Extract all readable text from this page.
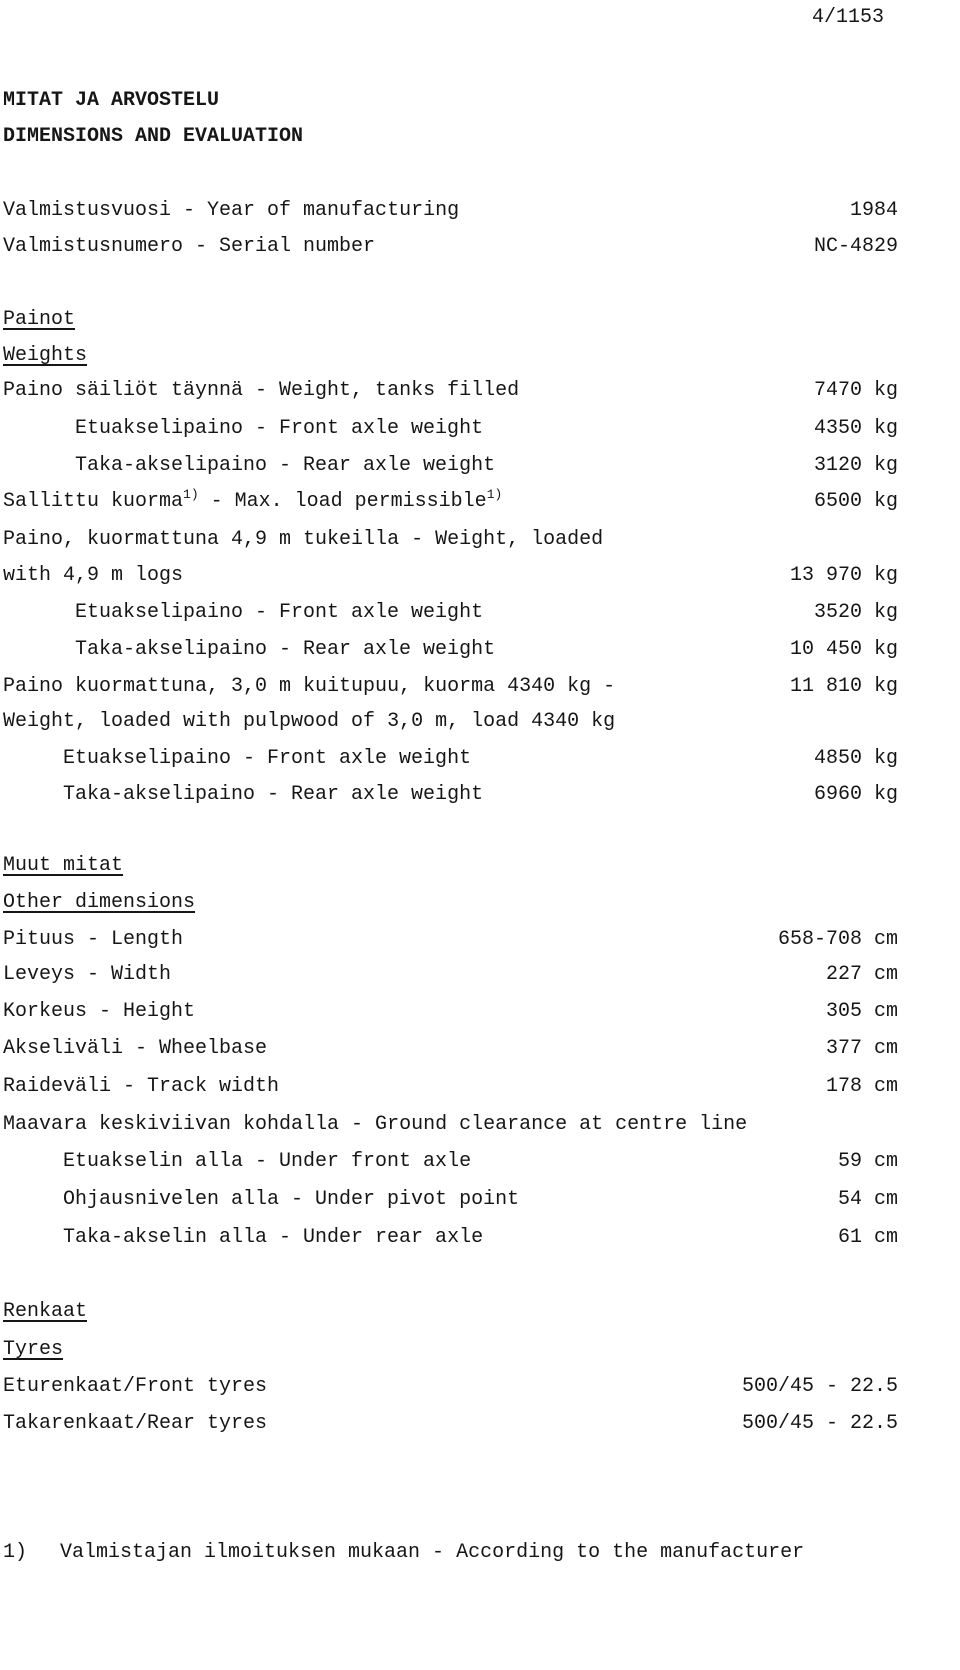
4/1153
MITAT JA ARVOSTELU
DIMENSIONS AND EVALUATION
Valmistusvuosi - Year of manufacturing	1984
Valmistusnumero - Serial number	NC-4829
Painot
Weights
Paino säiliöt täynnä - Weight, tanks filled	7470 kg
Etuakselipaino - Front axle weight	4350 kg
Taka-akselipaino - Rear axle weight	3120 kg
Sallittu kuorma$^{1)}$ - Max. load permissible$^{1)}$	6500 kg
Paino, kuormattuna 4,9 m tukeilla - Weight, loaded
with 4,9 m logs	13 970 kg
Etuakselipaino - Front axle weight	3520 kg
Taka-akselipaino - Rear axle weight	10 450 kg
Paino kuormattuna, 3,0 m kuitupuu, kuorma 4340 kg -	11 810 kg
Weight, loaded with pulpwood of 3,0 m, load 4340 kg
Etuakselipaino - Front axle weight	4850 kg
Taka-akselipaino - Rear axle weight	6960 kg
Muut mitat
Other dimensions
Pituus - Length	658-708 cm
Leveys - Width	227 cm
Korkeus - Height	305 cm
Akseliväli - Wheelbase	377 cm
Raideväli - Track width	178 cm
Maavara keskiviivan kohdalla - Ground clearance at centre line
Etuakselin alla - Under front axle	59 cm
Ohjausnivelen alla - Under pivot point	54 cm
Taka-akselin alla - Under rear axle	61 cm
Renkaat
Tyres
Eturenkaat/Front tyres	500/45 - 22.5
Takarenkaat/Rear tyres	500/45 - 22.5
1) Valmistajan ilmoituksen mukaan - According to the manufacturer
